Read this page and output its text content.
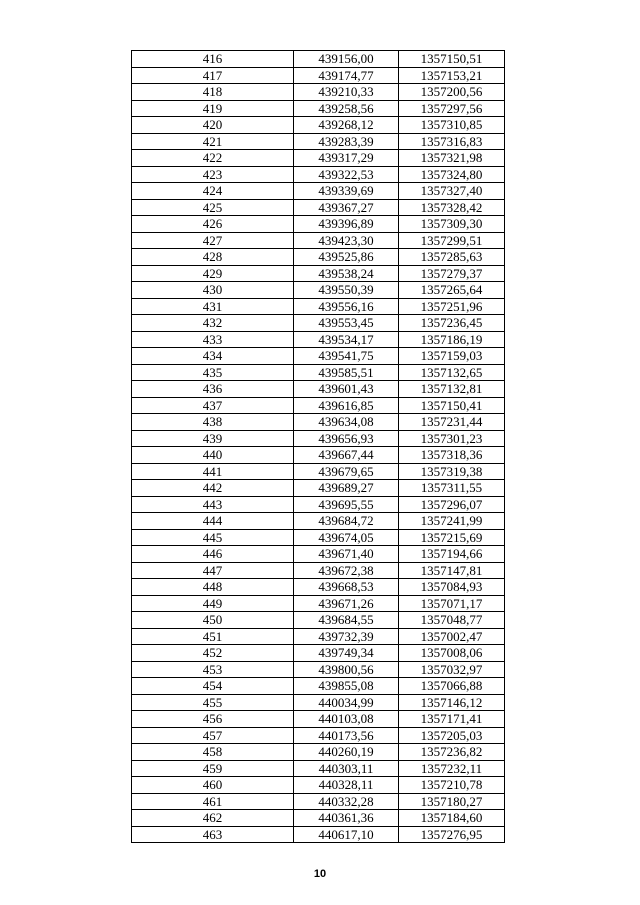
416	439156,00	1357150,51
417	439174,77	1357153,21
418	439210,33	1357200,56
419	439258,56	1357297,56
420	439268,12	1357310,85
421	439283,39	1357316,83
422	439317,29	1357321,98
423	439322,53	1357324,80
424	439339,69	1357327,40
425	439367,27	1357328,42
426	439396,89	1357309,30
427	439423,30	1357299,51
428	439525,86	1357285,63
429	439538,24	1357279,37
430	439550,39	1357265,64
431	439556,16	1357251,96
432	439553,45	1357236,45
433	439534,17	1357186,19
434	439541,75	1357159,03
435	439585,51	1357132,65
436	439601,43	1357132,81
437	439616,85	1357150,41
438	439634,08	1357231,44
439	439656,93	1357301,23
440	439667,44	1357318,36
441	439679,65	1357319,38
442	439689,27	1357311,55
443	439695,55	1357296,07
444	439684,72	1357241,99
445	439674,05	1357215,69
446	439671,40	1357194,66
447	439672,38	1357147,81
448	439668,53	1357084,93
449	439671,26	1357071,17
450	439684,55	1357048,77
451	439732,39	1357002,47
452	439749,34	1357008,06
453	439800,56	1357032,97
454	439855,08	1357066,88
455	440034,99	1357146,12
456	440103,08	1357171,41
457	440173,56	1357205,03
458	440260,19	1357236,82
459	440303,11	1357232,11
460	440328,11	1357210,78
461	440332,28	1357180,27
462	440361,36	1357184,60
463	440617,10	1357276,95
10
